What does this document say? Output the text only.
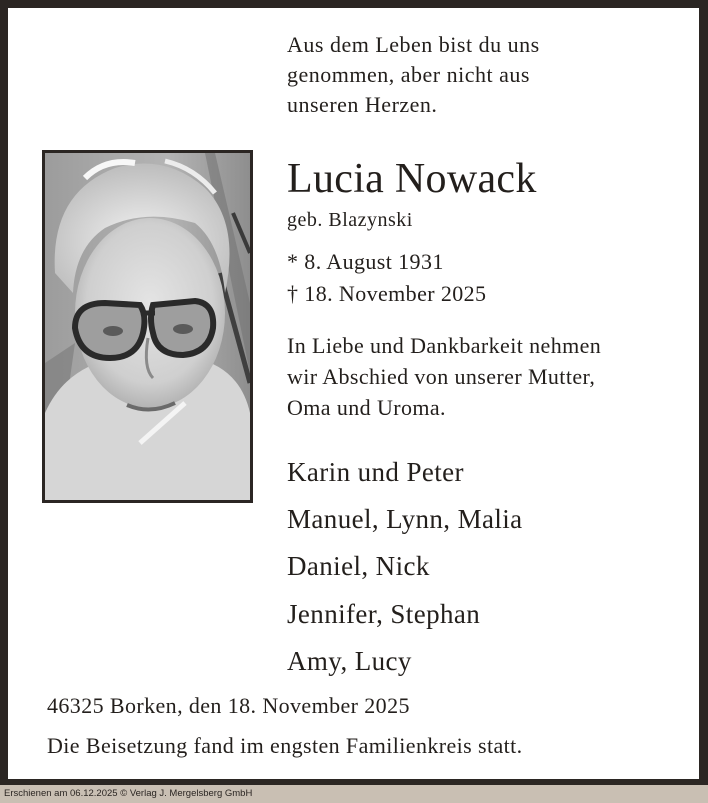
Aus dem Leben bist du uns
genommen, aber nicht aus
unseren Herzen.

Lucia Nowack

geb. Blazynski

* 8. August 1931
† 18. November 2025

In Liebe und Dankbarkeit nehmen
wir Abschied von unserer Mutter,
Oma und Uroma.

Karin und Peter
Manuel, Lynn, Malia
Daniel, Nick
Jennifer, Stephan
Amy, Lucy

46325 Borken, den 18. November 2025

Die Beisetzung fand im engsten Familienkreis statt.

Erschienen am 06.12.2025 © Verlag J. Mergelsberg GmbH
